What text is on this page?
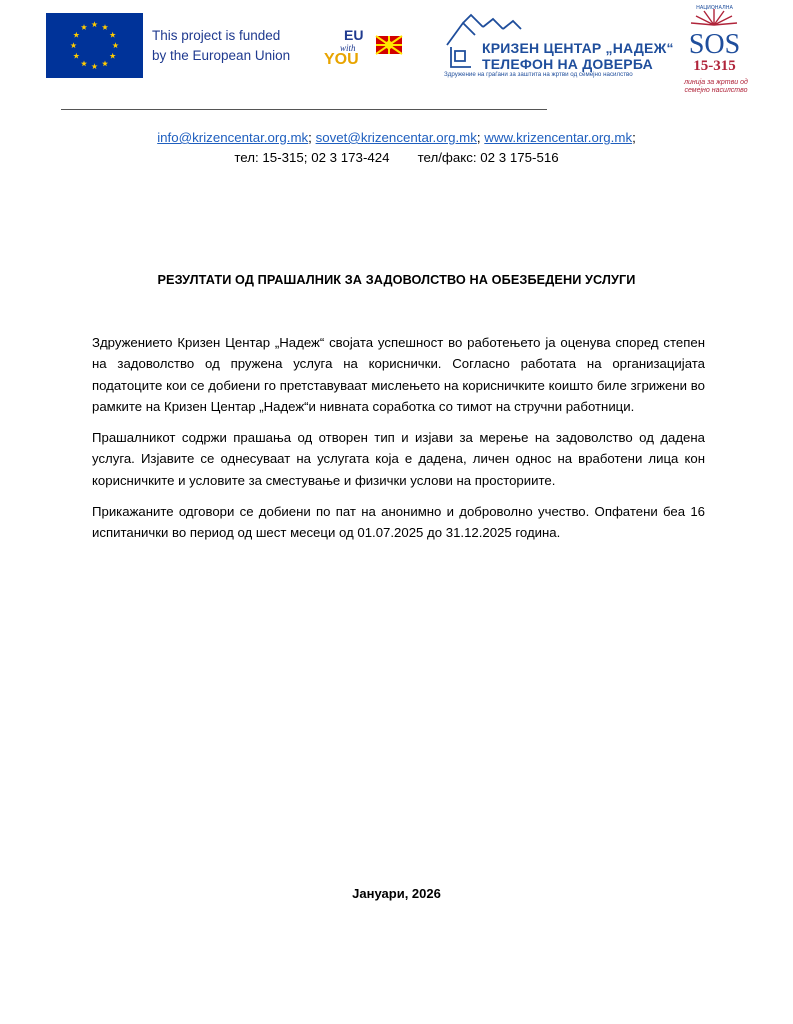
This project is funded
by the European Union
EU
with
YOU
КРИЗЕН ЦЕНТАР „НАДЕЖ“
ТЕЛЕФОН НА ДОВЕРБА
Здружение на граѓани за заштита на жртви од семејно насилство
НАЦИОНАЛНА
SOS
15-315
линија за жртви од семејно насилство
info@krizencentar.org.mk; sovet@krizencentar.org.mk; www.krizencentar.org.mk;
тел: 15-315; 02 3 173-424 тел/факс: 02 3 175-516
РЕЗУЛТАТИ ОД ПРАШАЛНИК ЗА ЗАДОВОЛСТВО НА ОБЕЗБЕДЕНИ УСЛУГИ

Здружението Кризен Центар „Надеж“ својата успешност во работењето ја оценува според степен на задоволство од пружена услуга на кориснички. Согласно работата на организацијата податоците кои се добиени го претставуваат мислењето на корисничките коишто биле згрижени во рамките на Кризен Центар „Надеж“и нивната соработка со тимот на стручни работници.

Прашалникот содржи прашања од отворен тип и изјави за мерење на задоволство од дадена услуга. Изјавите се однесуваат на услугата која е дадена, личен однос на вработени лица кон корисничките и условите за сместување и физички услови на просториите.

Прикажаните одговори се добиени по пат на анонимно и доброволно учество. Опфатени беа 16 испитанички во период од шест месеци од 01.07.2025 до 31.12.2025 година.

Јануари, 2026
